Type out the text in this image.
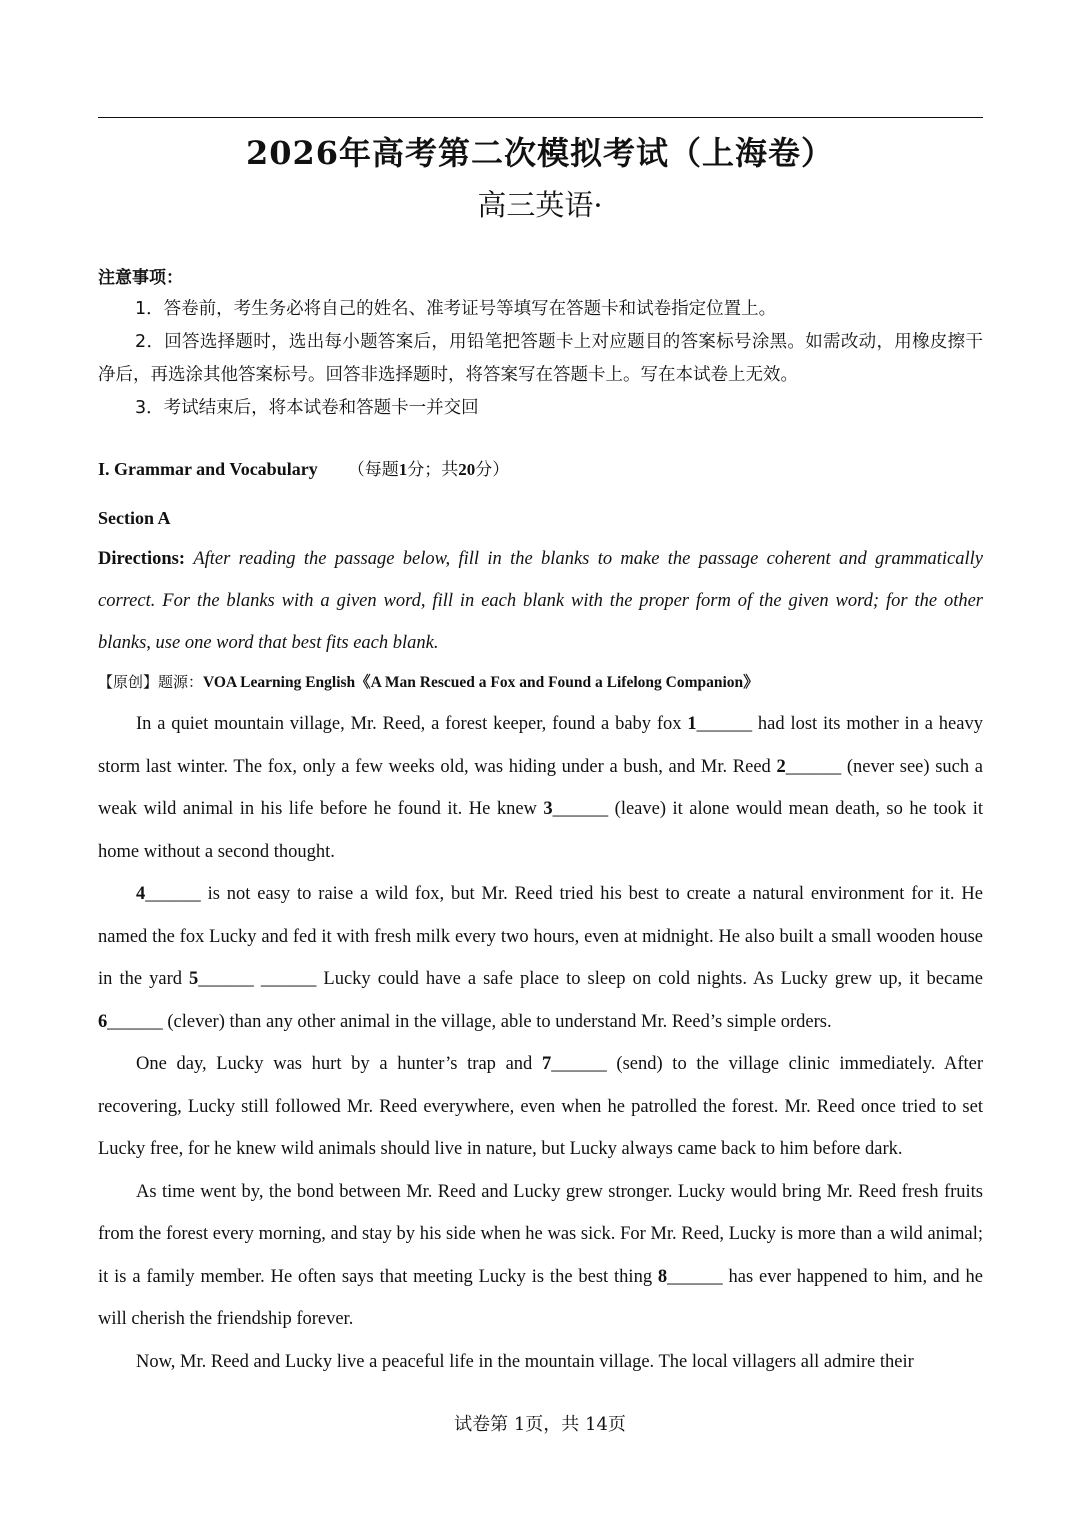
2026年高考第二次模拟考试（上海卷）
高三英语·
注意事项：
1．答卷前，考生务必将自己的姓名、准考证号等填写在答题卡和试卷指定位置上。
2．回答选择题时，选出每小题答案后，用铅笔把答题卡上对应题目的答案标号涂黑。如需改动，用橡皮擦干净后，再选涂其他答案标号。回答非选择题时，将答案写在答题卡上。写在本试卷上无效。
3．考试结束后，将本试卷和答题卡一并交回
I. Grammar and Vocabulary （每题1分；共20分）
Section A
Directions: After reading the passage below, fill in the blanks to make the passage coherent and grammatically correct. For the blanks with a given word, fill in each blank with the proper form of the given word; for the other blanks, use one word that best fits each blank.
【原创】题源：VOA Learning English《A Man Rescued a Fox and Found a Lifelong Companion》

In a quiet mountain village, Mr. Reed, a forest keeper, found a baby fox 1______ had lost its mother in a heavy storm last winter. The fox, only a few weeks old, was hiding under a bush, and Mr. Reed 2______ (never see) such a weak wild animal in his life before he found it. He knew 3______ (leave) it alone would mean death, so he took it home without a second thought.

4______ is not easy to raise a wild fox, but Mr. Reed tried his best to create a natural environment for it. He named the fox Lucky and fed it with fresh milk every two hours, even at midnight. He also built a small wooden house in the yard 5______ ______ Lucky could have a safe place to sleep on cold nights. As Lucky grew up, it became 6______ (clever) than any other animal in the village, able to understand Mr. Reed’s simple orders.

One day, Lucky was hurt by a hunter’s trap and 7______ (send) to the village clinic immediately. After recovering, Lucky still followed Mr. Reed everywhere, even when he patrolled the forest. Mr. Reed once tried to set Lucky free, for he knew wild animals should live in nature, but Lucky always came back to him before dark.

As time went by, the bond between Mr. Reed and Lucky grew stronger. Lucky would bring Mr. Reed fresh fruits from the forest every morning, and stay by his side when he was sick. For Mr. Reed, Lucky is more than a wild animal; it is a family member. He often says that meeting Lucky is the best thing 8______ has ever happened to him, and he will cherish the friendship forever.

Now, Mr. Reed and Lucky live a peaceful life in the mountain village. The local villagers all admire their

试卷第 1页，共 14页
